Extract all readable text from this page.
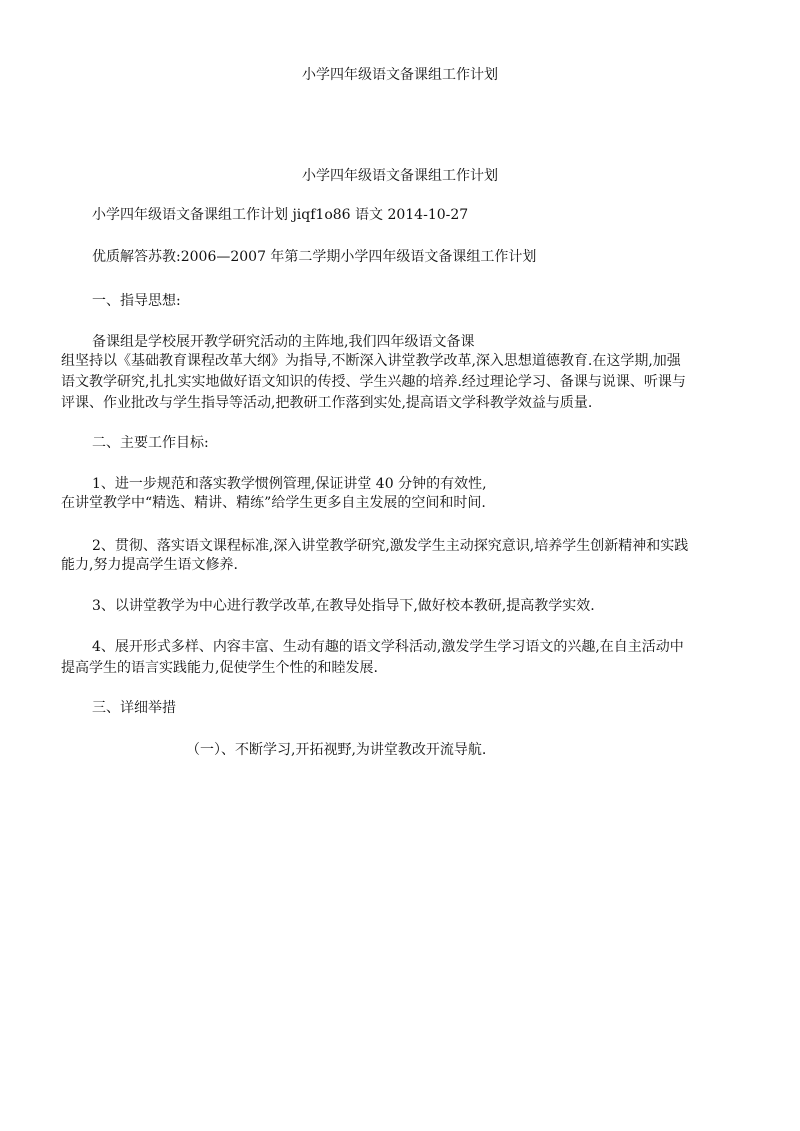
小学四年级语文备课组工作计划
小学四年级语文备课组工作计划
小学四年级语文备课组工作计划 jiqf1o86 语文 2014-10-27
优质解答苏教:2006—2007 年第二学期小学四年级语文备课组工作计划
一、指导思想:
备课组是学校展开教学研究活动的主阵地,我们四年级语文备课
组坚持以《基础教育课程改革大纲》为指导,不断深入讲堂教学改革,深入思想道德教育.在这学期,加强
语文教学研究,扎扎实实地做好语文知识的传授、学生兴趣的培养.经过理论学习、备课与说课、听课与
评课、作业批改与学生指导等活动,把教研工作落到实处,提高语文学科教学效益与质量.
二、主要工作目标:
1、进一步规范和落实教学惯例管理,保证讲堂 40 分钟的有效性,
在讲堂教学中“精选、精讲、精练”给学生更多自主发展的空间和时间.
2、贯彻、落实语文课程标准,深入讲堂教学研究,激发学生主动探究意识,培养学生创新精神和实践
能力,努力提高学生语文修养.
3、以讲堂教学为中心进行教学改革,在教导处指导下,做好校本教研,提高教学实效.
4、展开形式多样、内容丰富、生动有趣的语文学科活动,激发学生学习语文的兴趣,在自主活动中
提高学生的语言实践能力,促使学生个性的和睦发展.
三、详细举措
（一）、不断学习,开拓视野,为讲堂教改开流导航.
